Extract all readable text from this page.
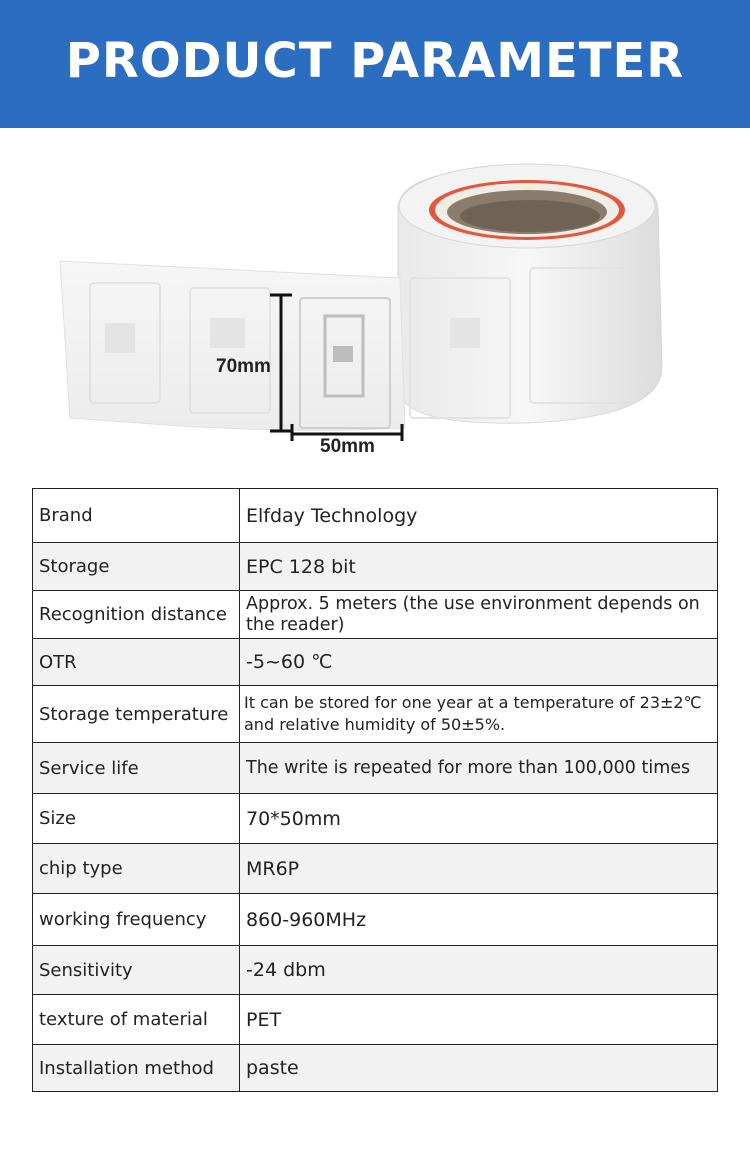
PRODUCT PARAMETER
70mm
50mm
Brand	Elfday Technology
Storage	EPC 128 bit
Recognition distance	Approx. 5 meters (the use environment depends on the reader)
OTR	-5~60 ℃
Storage temperature	It can be stored for one year at a temperature of 23±2℃ and relative humidity of 50±5%.
Service life	The write is repeated for more than 100,000 times
Size	70*50mm
chip type	MR6P
working frequency	860-960MHz
Sensitivity	-24 dbm
texture of material	PET
Installation method	paste
